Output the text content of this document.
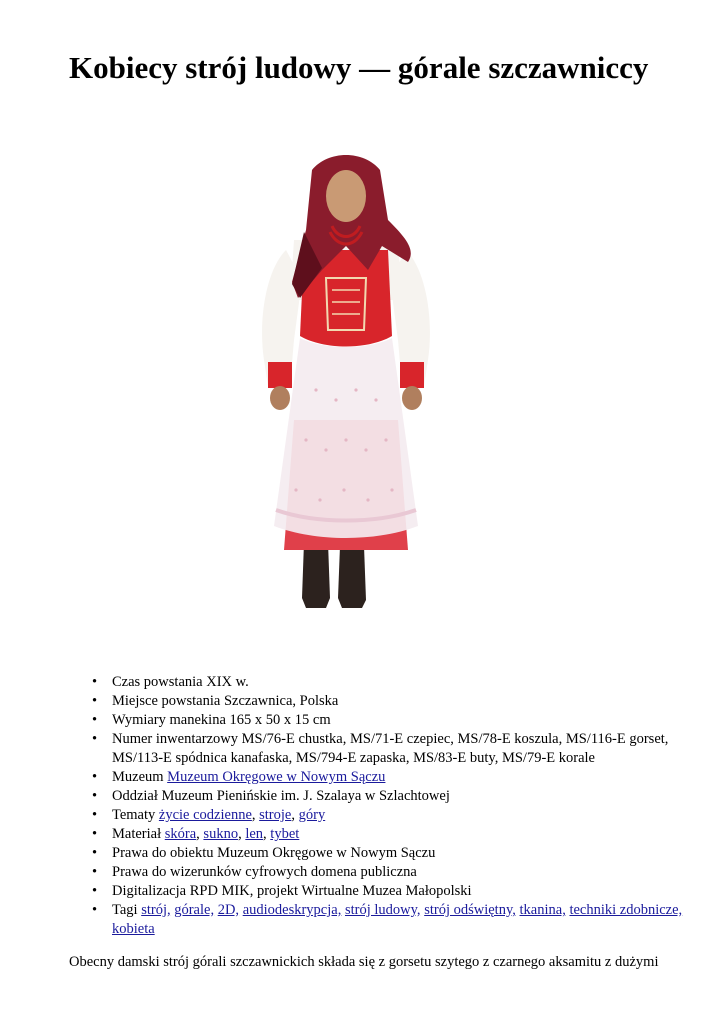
Kobiecy strój ludowy — górale szczawniccy
• Czas powstania XIX w.
• Miejsce powstania Szczawnica, Polska
• Wymiary manekina 165 x 50 x 15 cm
• Numer inwentarzowy MS/76-E chustka, MS/71-E czepiec, MS/78-E koszula, MS/116-E gorset,
MS/113-E spódnica kanafaska, MS/794-E zapaska, MS/83-E buty, MS/79-E korale
• Muzeum Muzeum Okręgowe w Nowym Sączu
• Oddział Muzeum Pienińskie im. J. Szalaya w Szlachtowej
• Tematy życie codzienne, stroje, góry
• Materiał skóra, sukno, len, tybet
• Prawa do obiektu Muzeum Okręgowe w Nowym Sączu
• Prawa do wizerunków cyfrowych domena publiczna
• Digitalizacja RPD MIK, projekt Wirtualne Muzea Małopolski
• Tagi strój, górale, 2D, audiodeskrypcja, strój ludowy, strój odświętny, tkanina, techniki zdobnicze,
kobieta

Obecny damski strój górali szczawnickich składa się z gorsetu szytego z czarnego aksamitu z dużymi
